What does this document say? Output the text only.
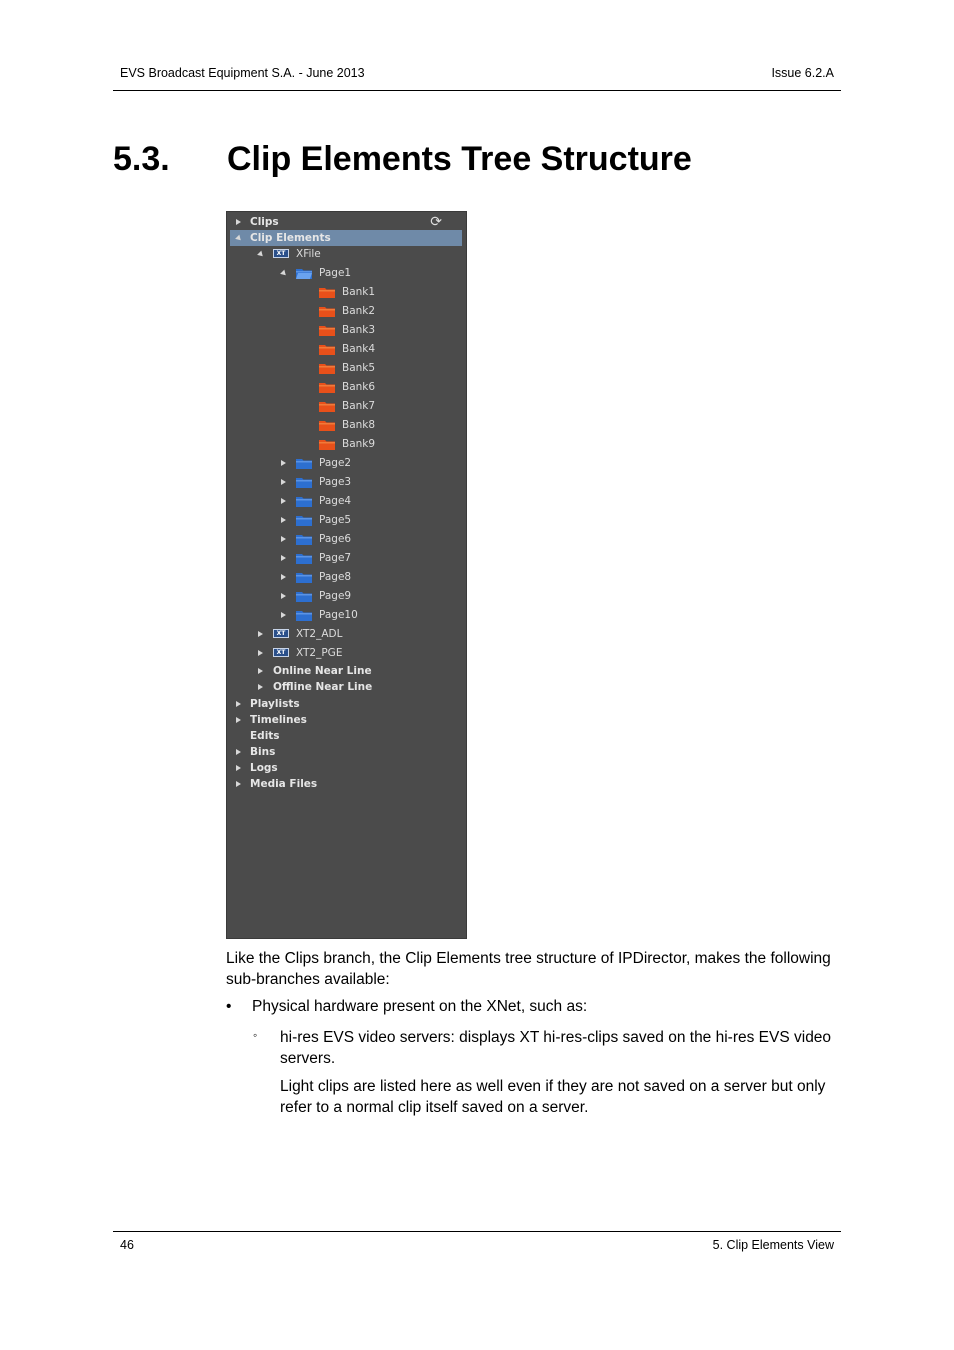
EVS Broadcast Equipment S.A. - June 2013	Issue 6.2.A
5.3. Clip Elements Tree Structure
Clips	⟳
Clip Elements
XT	XFile
Page1
Bank1
Bank2
Bank3
Bank4
Bank5
Bank6
Bank7
Bank8
Bank9
Page2
Page3
Page4
Page5
Page6
Page7
Page8
Page9
Page10
XT	XT2_ADL
XT	XT2_PGE
Online Near Line
Offline Near Line
Playlists
Timelines
Edits
Bins
Logs
Media Files
Like the Clips branch, the Clip Elements tree structure of IPDirector, makes the following sub-branches available:
• Physical hardware present on the XNet, such as:
◦ hi-res EVS video servers: displays XT hi-res-clips saved on the hi-res EVS video servers.
Light clips are listed here as well even if they are not saved on a server but only refer to a normal clip itself saved on a server.
46	5. Clip Elements View
